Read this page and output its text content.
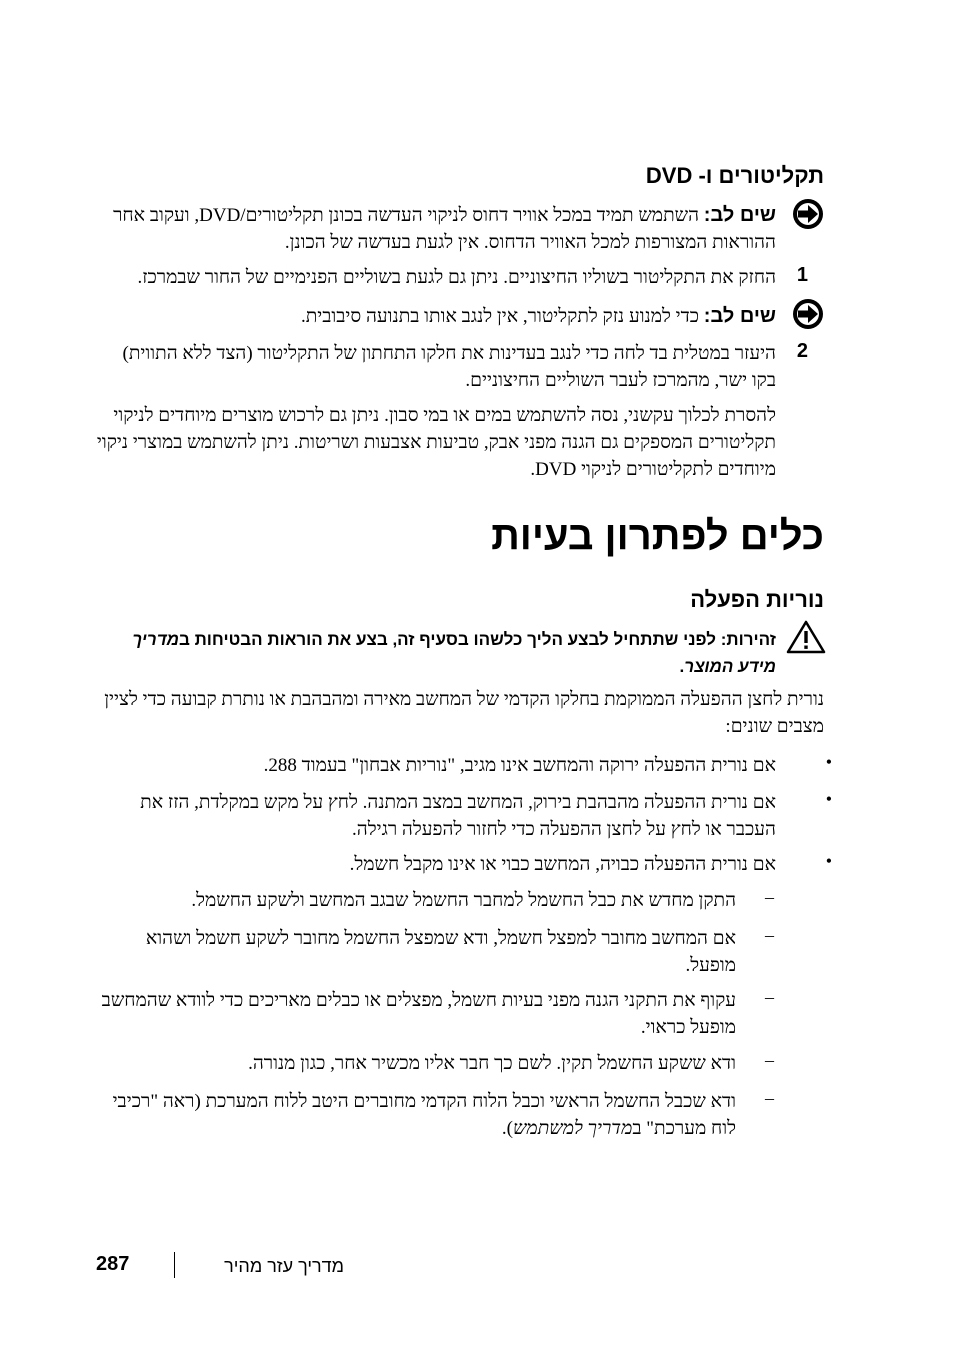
תקליטורים ו- DVD
שים לב: השתמש תמיד במכל אוויר דחוס לניקוי העדשה בכונן תקליטורים/DVD, ועקוב אחר ההוראות המצורפות למכל האוויר הדחוס. אין לגעת בעדשה של הכונן.
1
החזק את התקליטור בשוליו החיצוניים. ניתן גם לגעת בשוליים הפנימיים של החור שבמרכז.
שים לב: כדי למנוע נזק לתקליטור, אין לנגב אותו בתנועה סיבובית.
2
היעזר במטלית בד לחה כדי לנגב בעדינות את חלקו התחתון של התקליטור (הצד ללא התווית) בקו ישר, מהמרכז לעבר השוליים החיצוניים.
להסרת לכלוך עקשני, נסה להשתמש במים או במי סבון. ניתן גם לרכוש מוצרים מיוחדים לניקוי תקליטורים המספקים גם הגנה מפני אבק, טביעות אצבעות ושריטות. ניתן להשתמש במוצרי ניקוי מיוחדים לתקליטורים לניקוי DVD.
כלים לפתרון בעיות
נוריות הפעלה
זהירות: לפני שתתחיל לבצע הליך כלשהו בסעיף זה, בצע את הוראות הבטיחות במדריך מידע המוצר.
נורית לחצן ההפעלה הממוקמת בחלקו הקדמי של המחשב מאירה ומהבהבת או נותרת קבועה כדי לציין מצבים שונים:
•
אם נורית ההפעלה ירוקה והמחשב אינו מגיב, "נוריות אבחון" בעמוד 288.
•
אם נורית ההפעלה מהבהבת בירוק, המחשב במצב המתנה. לחץ על מקש במקלדת, הזז את העכבר או לחץ על לחצן ההפעלה כדי לחזור להפעלה רגילה.
•
אם נורית ההפעלה כבויה, המחשב כבוי או אינו מקבל חשמל.
–
התקן מחדש את כבל החשמל למחבר החשמל שבגב המחשב ולשקע החשמל.
–
אם המחשב מחובר למפצל חשמל, ודא שמפצל החשמל מחובר לשקע חשמל ושהוא מופעל.
–
עקוף את התקני הגנה מפני בעיות חשמל, מפצלים או כבלים מאריכים כדי לוודא שהמחשב מופעל כראוי.
–
ודא ששקע החשמל תקין. לשם כך חבר אליו מכשיר אחר, כגון מנורה.
–
ודא שכבל החשמל הראשי וכבל הלוח הקדמי מחוברים היטב ללוח המערכת (ראה "רכיבי לוח מערכת" במדריך למשתמש).
287	מדריך עזר מהיר
